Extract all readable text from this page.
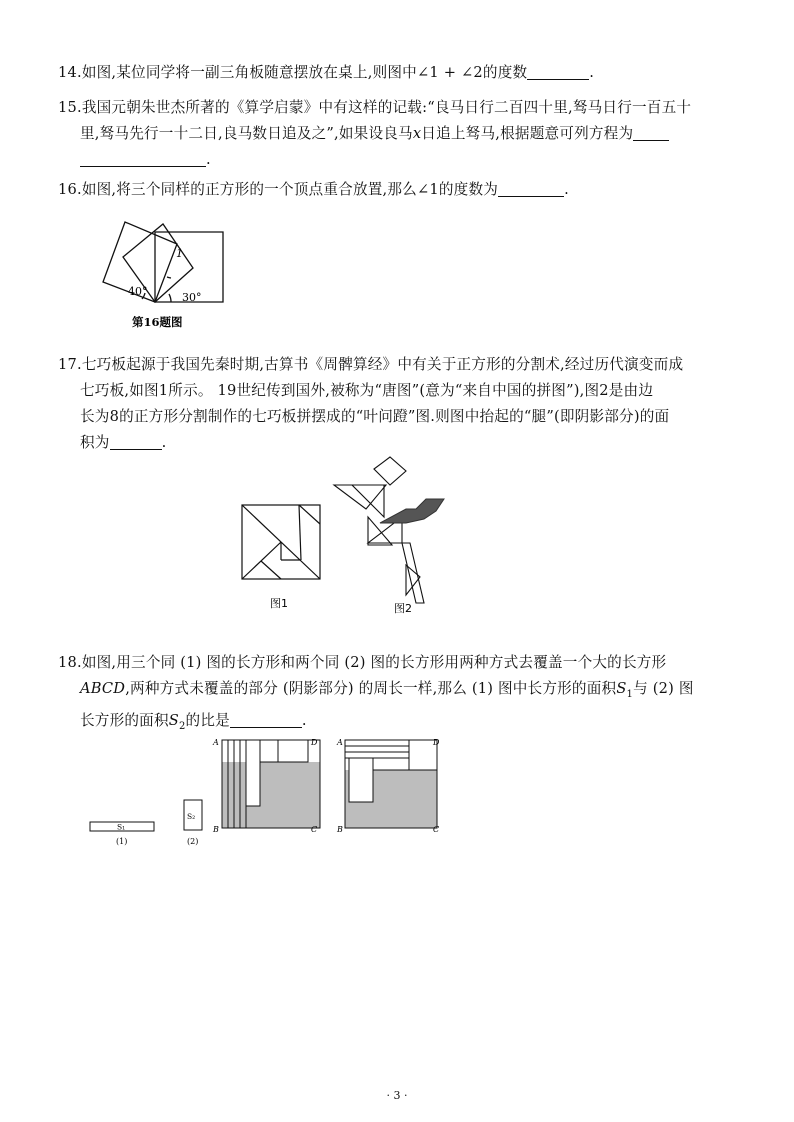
14.如图,某位同学将一副三角板随意摆放在桌上,则图中∠1 + ∠2的度数	.
15.我国元朝朱世杰所著的《算学启蒙》中有这样的记载:“良马日行二百四十里,驽马日行一百五十
里,驽马先行一十二日,良马数日追及之”,如果设良马x日追上驽马,根据题意可列方程为
.
16.如图,将三个同样的正方形的一个顶点重合放置,那么∠1的度数为	.
40°	30°
1
第16题图
17.七巧板起源于我国先秦时期,古算书《周髀算经》中有关于正方形的分割术,经过历代演变而成
七巧板,如图1所示。 19世纪传到国外,被称为“唐图”(意为“来自中国的拼图”),图2是由边
长为8的正方形分割制作的七巧板拼摆成的“叶问蹬”图.则图中抬起的“腿”(即阴影部分)的面
积为	.
图1	图2
18.如图,用三个同 (1) 图的长方形和两个同 (2) 图的长方形用两种方式去覆盖一个大的长方形
ABCD,两种方式未覆盖的部分 (阴影部分) 的周长一样,那么 (1) 图中长方形的面积$S_1$与 (2) 图
长方形的面积$S_2$的比是	.
S₁
(1)
S₂
(2)
A	D
B	C
A	D
B	C
· 3 ·
